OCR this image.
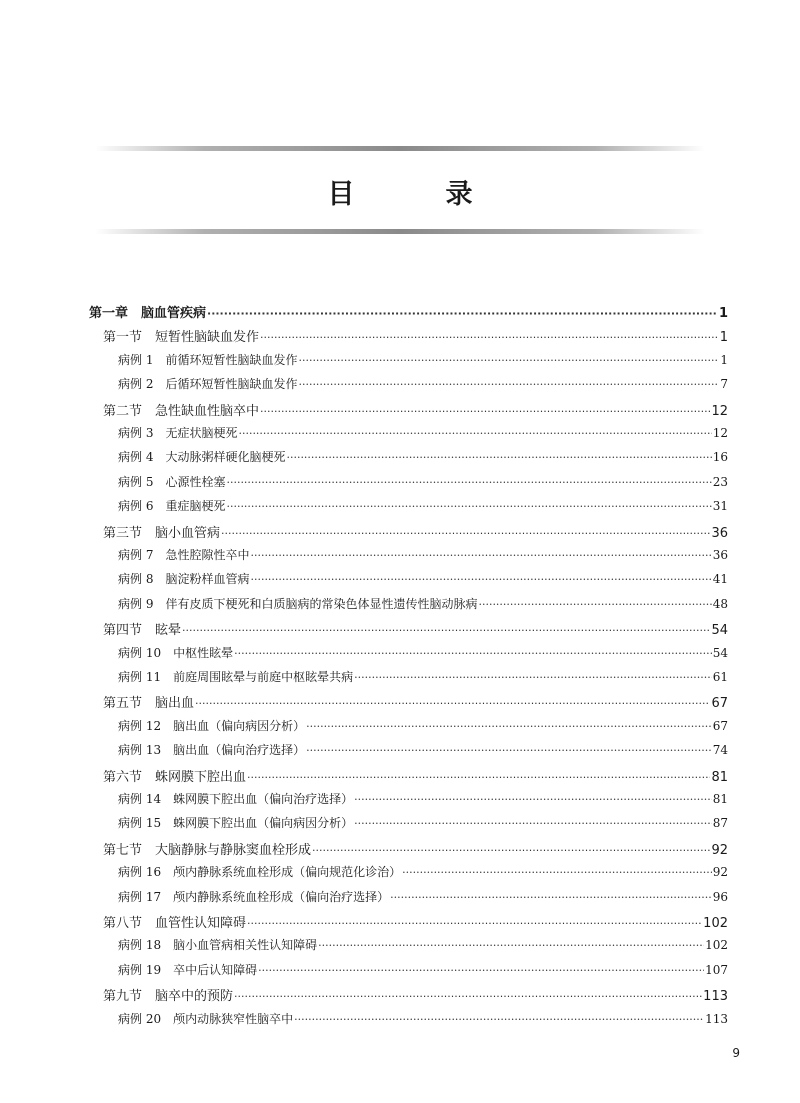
目　录
第一章　脑血管疾病 ·····	1
第一节　短暂性脑缺血发作 ·····	1
病例 1　前循环短暂性脑缺血发作 ·····	1
病例 2　后循环短暂性脑缺血发作 ·····	7
第二节　急性缺血性脑卒中 ·····	12
病例 3　无症状脑梗死 ·····	12
病例 4　大动脉粥样硬化脑梗死 ·····	16
病例 5　心源性栓塞 ·····	23
病例 6　重症脑梗死 ·····	31
第三节　脑小血管病 ·····	36
病例 7　急性腔隙性卒中 ·····	36
病例 8　脑淀粉样血管病 ·····	41
病例 9　伴有皮质下梗死和白质脑病的常染色体显性遗传性脑动脉病 ·····	48
第四节　眩晕 ·····	54
病例 10　中枢性眩晕 ·····	54
病例 11　前庭周围眩晕与前庭中枢眩晕共病 ·····	61
第五节　脑出血 ·····	67
病例 12　脑出血（偏向病因分析） ·····	67
病例 13　脑出血（偏向治疗选择） ·····	74
第六节　蛛网膜下腔出血 ·····	81
病例 14　蛛网膜下腔出血（偏向治疗选择） ·····	81
病例 15　蛛网膜下腔出血（偏向病因分析） ·····	87
第七节　大脑静脉与静脉窦血栓形成 ·····	92
病例 16　颅内静脉系统血栓形成（偏向规范化诊治） ·····	92
病例 17　颅内静脉系统血栓形成（偏向治疗选择） ·····	96
第八节　血管性认知障碍 ·····	102
病例 18　脑小血管病相关性认知障碍 ·····	102
病例 19　卒中后认知障碍 ·····	107
第九节　脑卒中的预防 ·····	113
病例 20　颅内动脉狭窄性脑卒中 ·····	113
9
